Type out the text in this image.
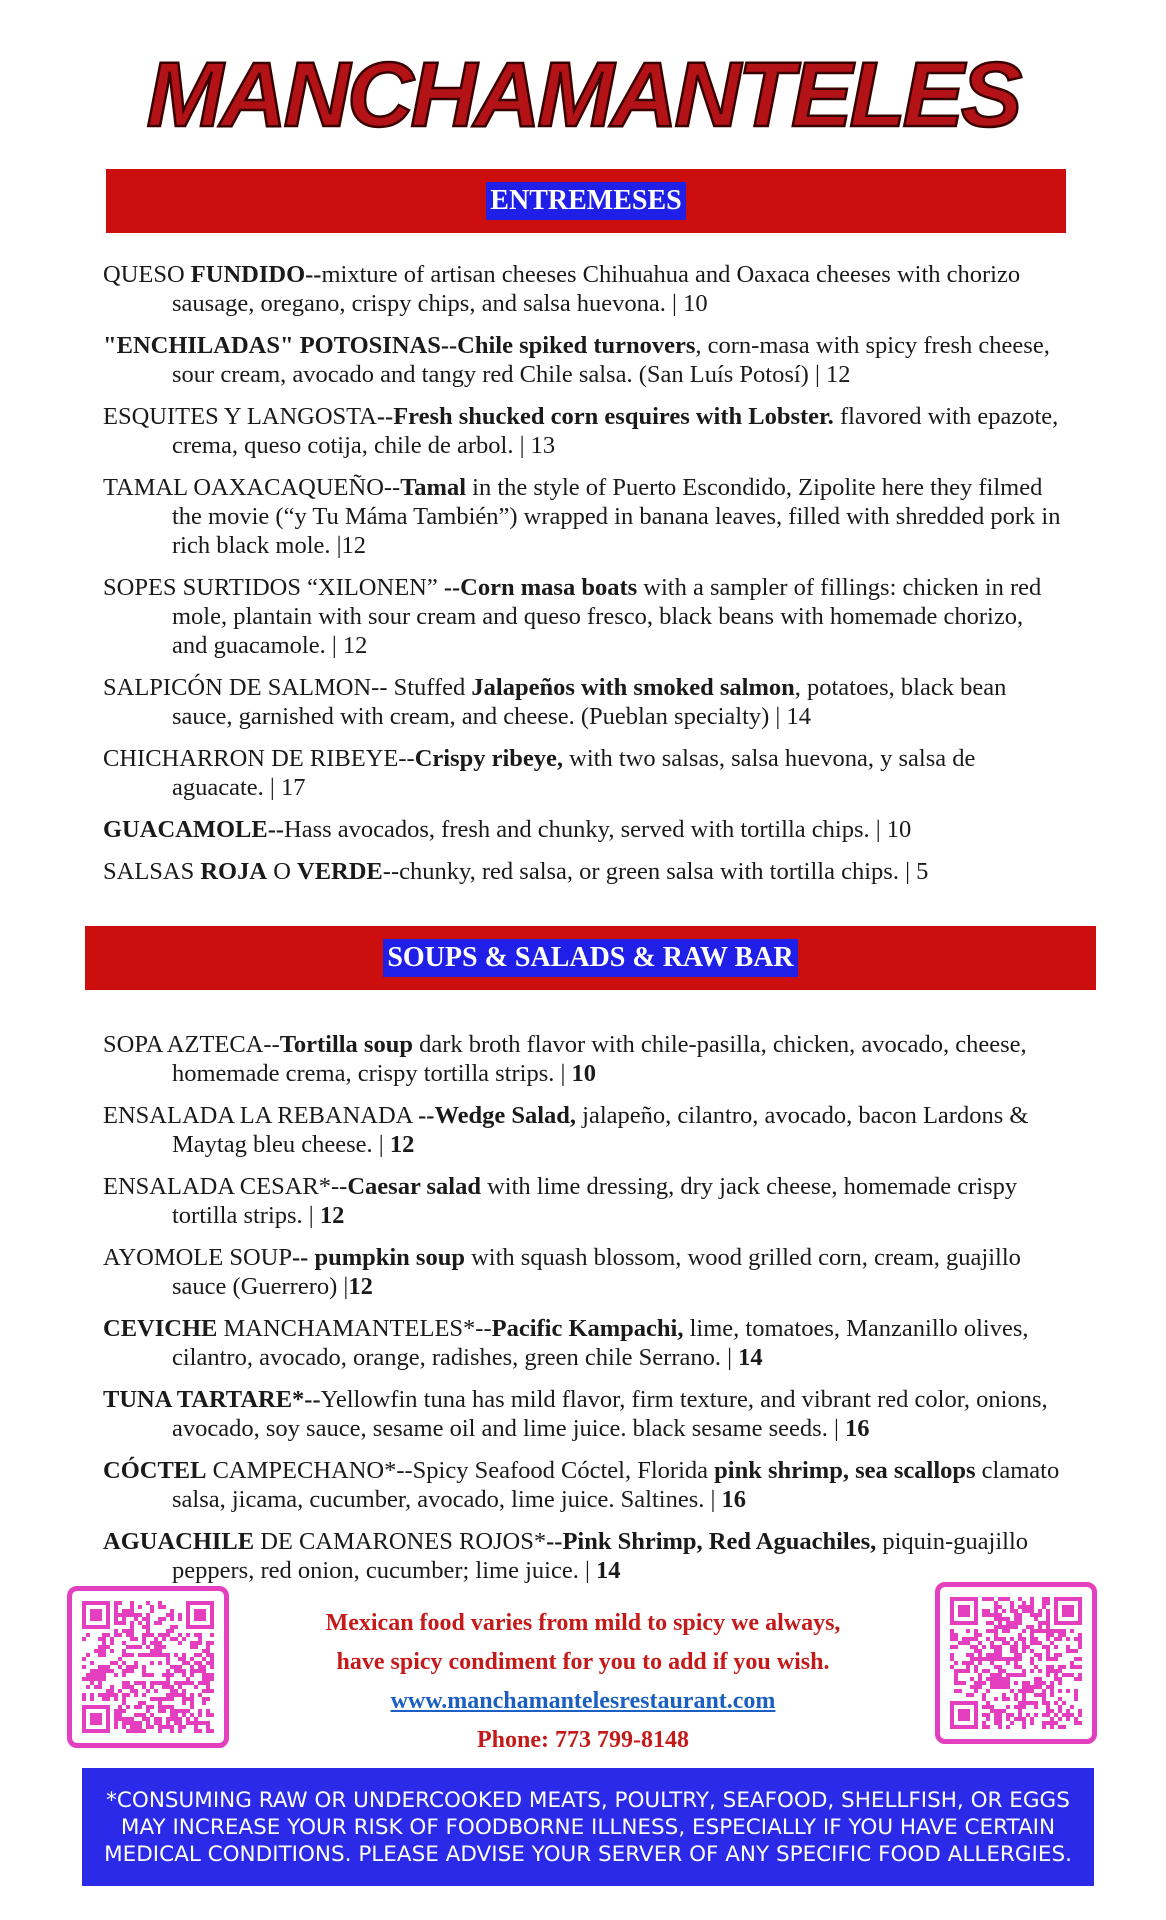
MANCHAMANTELES
ENTREMESES

QUESO FUNDIDO--mixture of artisan cheeses Chihuahua and Oaxaca cheeses with chorizo sausage, oregano, crispy chips, and salsa huevona. | 10

"ENCHILADAS" POTOSINAS--Chile spiked turnovers, corn-masa with spicy fresh cheese, sour cream, avocado and tangy red Chile salsa. (San Luís Potosí) | 12

ESQUITES Y LANGOSTA--Fresh shucked corn esquires with Lobster. flavored with epazote, crema, queso cotija, chile de arbol. | 13

TAMAL OAXACAQUEÑO--Tamal in the style of Puerto Escondido, Zipolite here they filmed the movie (“y Tu Máma También”) wrapped in banana leaves, filled with shredded pork in rich black mole. |12

SOPES SURTIDOS “XILONEN” --Corn masa boats with a sampler of fillings: chicken in red mole, plantain with sour cream and queso fresco, black beans with homemade chorizo, and guacamole. | 12

SALPICÓN DE SALMON-- Stuffed Jalapeños with smoked salmon, potatoes, black bean sauce, garnished with cream, and cheese. (Pueblan specialty) | 14

CHICHARRON DE RIBEYE--Crispy ribeye, with two salsas, salsa huevona, y salsa de aguacate. | 17

GUACAMOLE--Hass avocados, fresh and chunky, served with tortilla chips. | 10

SALSAS ROJA O VERDE--chunky, red salsa, or green salsa with tortilla chips. | 5

SOUPS & SALADS & RAW BAR

SOPA AZTECA--Tortilla soup dark broth flavor with chile-pasilla, chicken, avocado, cheese, homemade crema, crispy tortilla strips. | 10

ENSALADA LA REBANADA --Wedge Salad, jalapeño, cilantro, avocado, bacon Lardons & Maytag bleu cheese. | 12

ENSALADA CESAR*--Caesar salad with lime dressing, dry jack cheese, homemade crispy tortilla strips. | 12

AYOMOLE SOUP-- pumpkin soup with squash blossom, wood grilled corn, cream, guajillo sauce (Guerrero) |12

CEVICHE MANCHAMANTELES*--Pacific Kampachi, lime, tomatoes, Manzanillo olives, cilantro, avocado, orange, radishes, green chile Serrano. | 14

TUNA TARTARE*--Yellowfin tuna has mild flavor, firm texture, and vibrant red color, onions, avocado, soy sauce, sesame oil and lime juice. black sesame seeds. | 16

CÓCTEL CAMPECHANO*--Spicy Seafood Cóctel, Florida pink shrimp, sea scallops clamato salsa, jicama, cucumber, avocado, lime juice. Saltines. | 16

AGUACHILE DE CAMARONES ROJOS*--Pink Shrimp, Red Aguachiles, piquin-guajillo peppers, red onion, cucumber; lime juice. | 14

Mexican food varies from mild to spicy we always,
have spicy condiment for you to add if you wish.
www.manchamantelesrestaurant.com
Phone: 773 799-8148
*CONSUMING RAW OR UNDERCOOKED MEATS, POULTRY, SEAFOOD, SHELLFISH, OR EGGS MAY INCREASE YOUR RISK OF FOODBORNE ILLNESS, ESPECIALLY IF YOU HAVE CERTAIN MEDICAL CONDITIONS. PLEASE ADVISE YOUR SERVER OF ANY SPECIFIC FOOD ALLERGIES.
